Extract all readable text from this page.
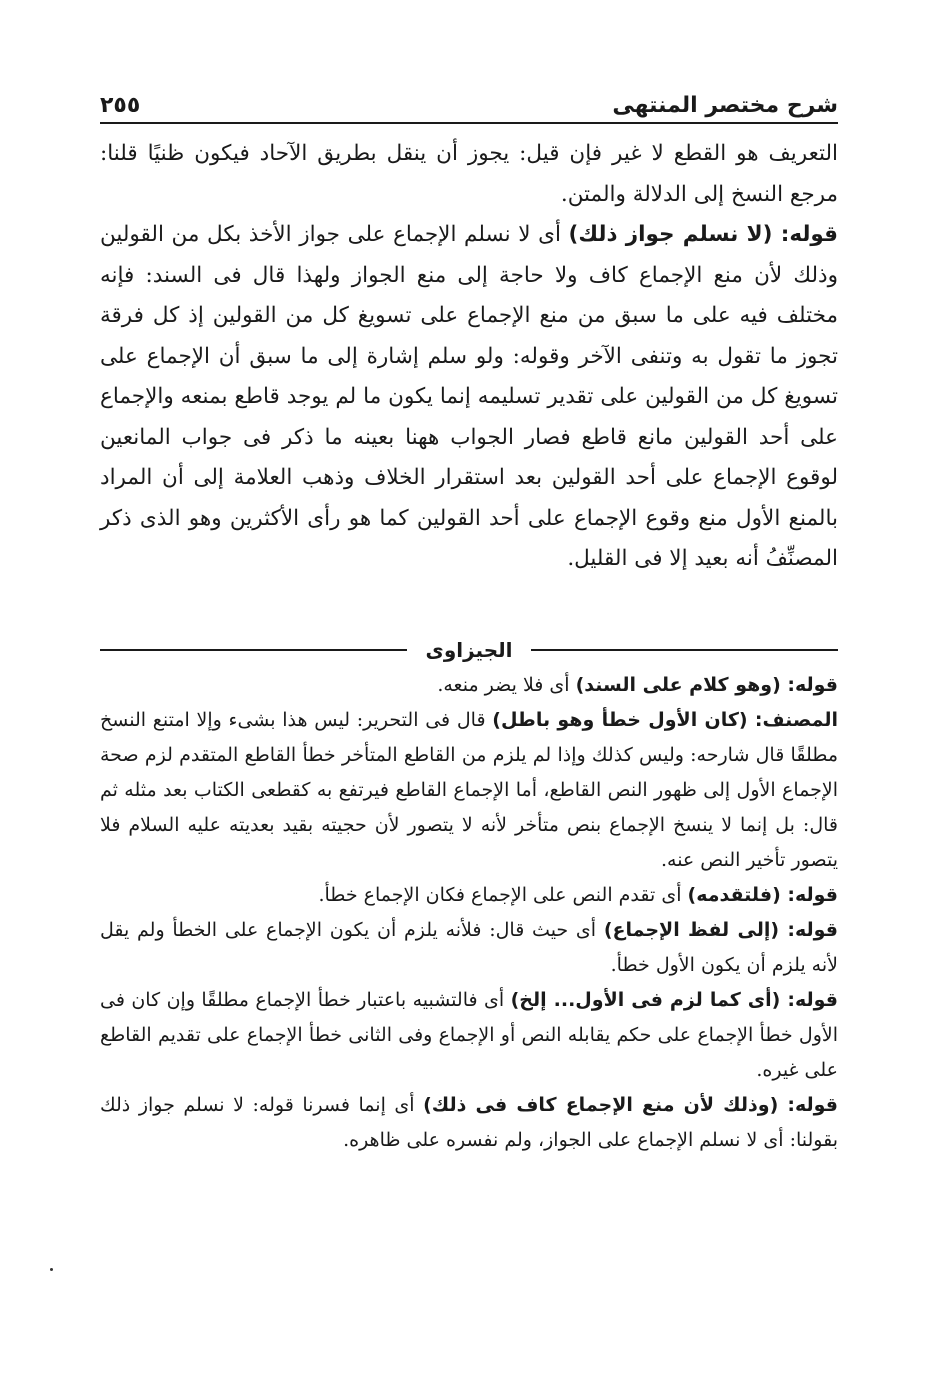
شرح مختصر المنتهى
٢٥٥

التعريف هو القطع لا غير فإن قيل: يجوز أن ينقل بطريق الآحاد فيكون ظنيًا قلنا: مرجع النسخ إلى الدلالة والمتن.

قوله: (لا نسلم جواز ذلك) أى لا نسلم الإجماع على جواز الأخذ بكل من القولين وذلك لأن منع الإجماع كاف ولا حاجة إلى منع الجواز ولهذا قال فى السند: فإنه مختلف فيه على ما سبق من منع الإجماع على تسويغ كل من القولين إذ كل فرقة تجوز ما تقول به وتنفى الآخر وقوله: ولو سلم إشارة إلى ما سبق أن الإجماع على تسويغ كل من القولين على تقدير تسليمه إنما يكون ما لم يوجد قاطع بمنعه والإجماع على أحد القولين مانع قاطع فصار الجواب ههنا بعينه ما ذكر فى جواب المانعين لوقوع الإجماع على أحد القولين بعد استقرار الخلاف وذهب العلامة إلى أن المراد بالمنع الأول منع وقوع الإجماع على أحد القولين كما هو رأى الأكثرين وهو الذى ذكر المصنِّفُ أنه بعيد إلا فى القليل.

الجيزاوى

قوله: (وهو كلام على السند) أى فلا يضر منعه.

المصنف: (كان الأول خطأ وهو باطل) قال فى التحرير: ليس هذا بشىء وإلا امتنع النسخ مطلقًا قال شارحه: وليس كذلك وإذا لم يلزم من القاطع المتأخر خطأ القاطع المتقدم لزم صحة الإجماع الأول إلى ظهور النص القاطع، أما الإجماع القاطع فيرتفع به كقطعى الكتاب بعد مثله ثم قال: بل إنما لا ينسخ الإجماع بنص متأخر لأنه لا يتصور لأن حجيته بقيد بعديته عليه السلام فلا يتصور تأخير النص عنه.

قوله: (فلتقدمه) أى تقدم النص على الإجماع فكان الإجماع خطأ.

قوله: (إلى لفظ الإجماع) أى حيث قال: فلأنه يلزم أن يكون الإجماع على الخطأ ولم يقل لأنه يلزم أن يكون الأول خطأ.

قوله: (أى كما لزم فى الأول... إلخ) أى فالتشبيه باعتبار خطأ الإجماع مطلقًا وإن كان فى الأول خطأ الإجماع على حكم يقابله النص أو الإجماع وفى الثانى خطأ الإجماع على تقديم القاطع على غيره.

قوله: (وذلك لأن منع الإجماع كاف فى ذلك) أى إنما فسرنا قوله: لا نسلم جواز ذلك بقولنا: أى لا نسلم الإجماع على الجواز، ولم نفسره على ظاهره.
